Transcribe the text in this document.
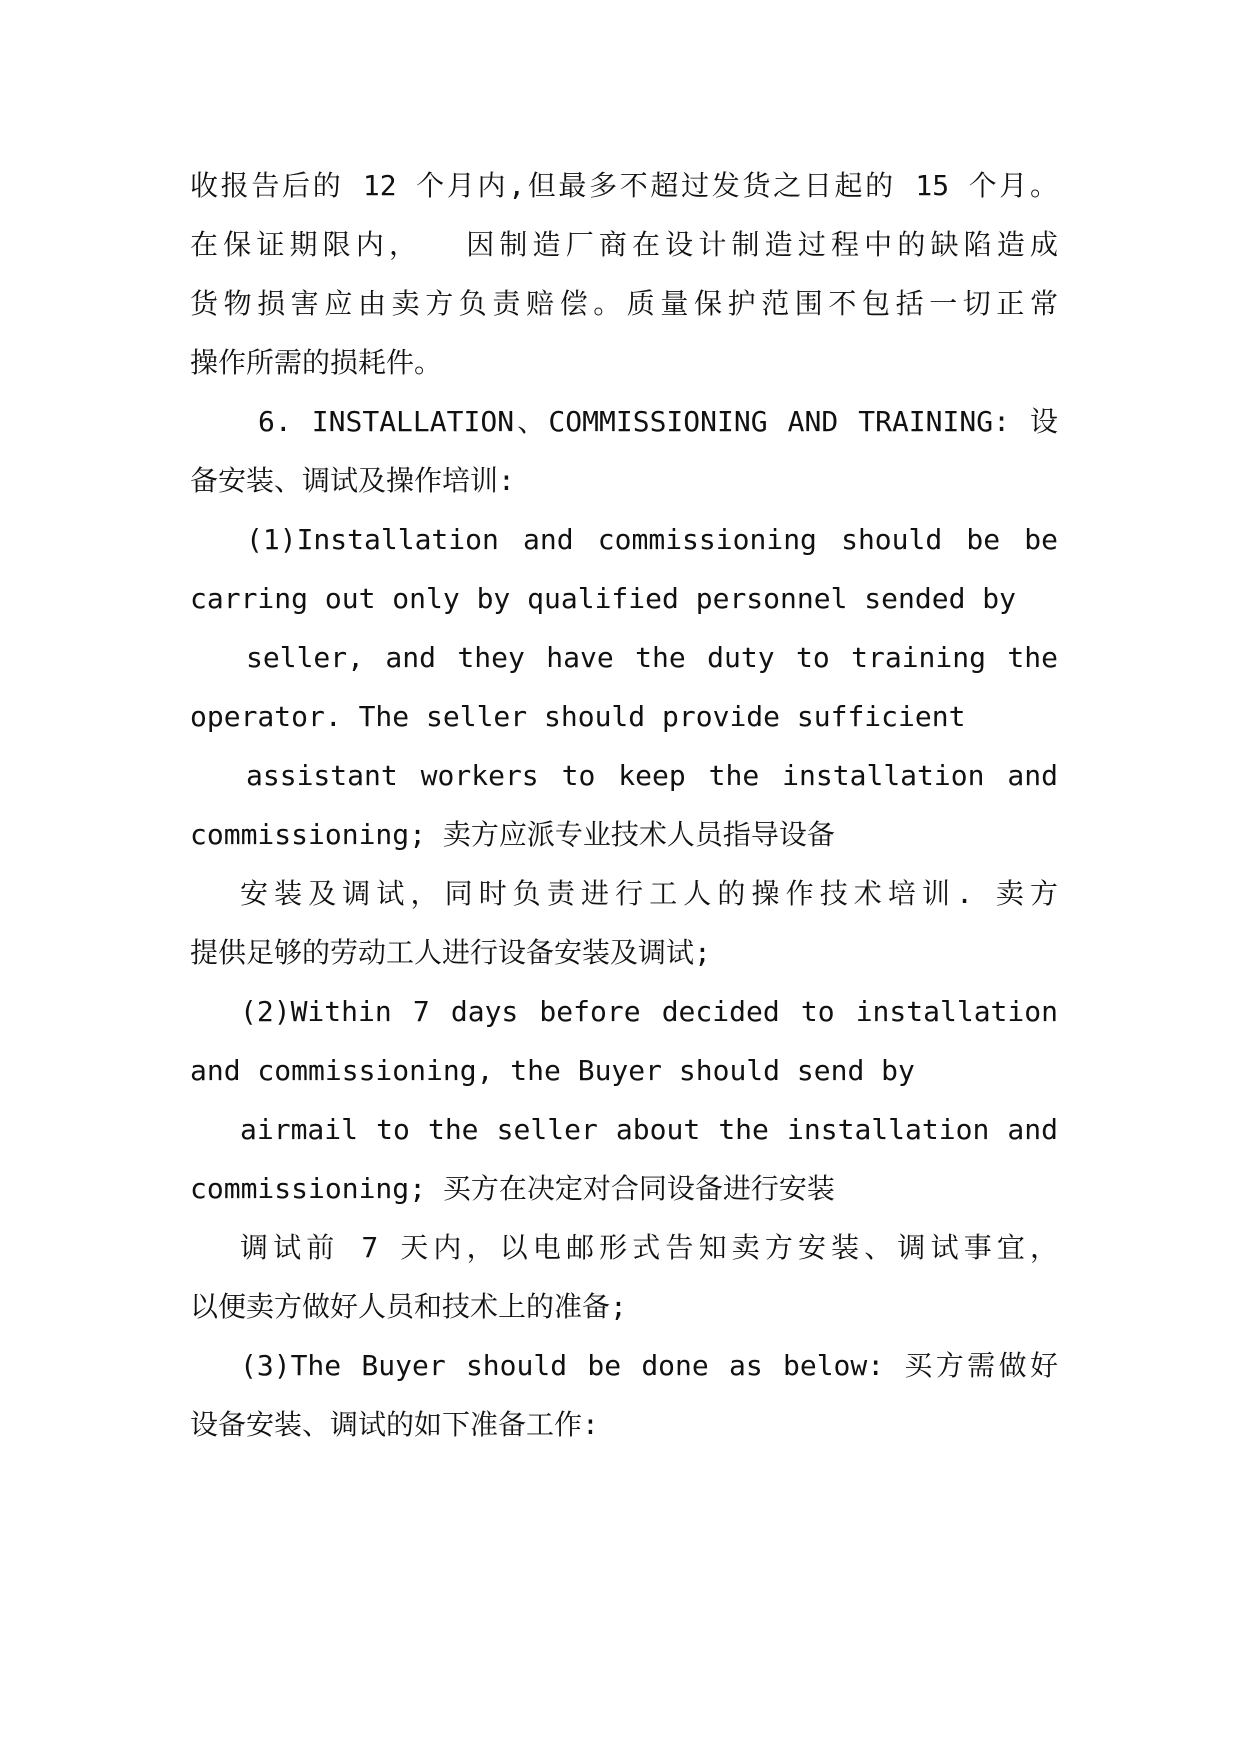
收报告后的 12 个月内,但最多不超过发货之日起的 15 个月。
在保证期限内，  因制造厂商在设计制造过程中的缺陷造成
货物损害应由卖方负责赔偿。质量保护范围不包括一切正常
操作所需的损耗件。
6. INSTALLATION、COMMISSIONING AND TRAINING: 设
备安装、调试及操作培训:
(1)Installation and commissioning should be be
carring out only by qualified personnel sended by
seller, and they have the duty to training the
operator. The seller should provide sufficient
assistant workers to keep the installation and
commissioning; 卖方应派专业技术人员指导设备
安装及调试，同时负责进行工人的操作技术培训. 卖方
提供足够的劳动工人进行设备安装及调试;
(2)Within 7 days before decided to installation
and commissioning, the Buyer should send by
airmail to the seller about the installation and
commissioning; 买方在决定对合同设备进行安装
调试前 7 天内，以电邮形式告知卖方安装、调试事宜，
以便卖方做好人员和技术上的准备;
(3)The Buyer should be done as below: 买方需做好
设备安装、调试的如下准备工作:
